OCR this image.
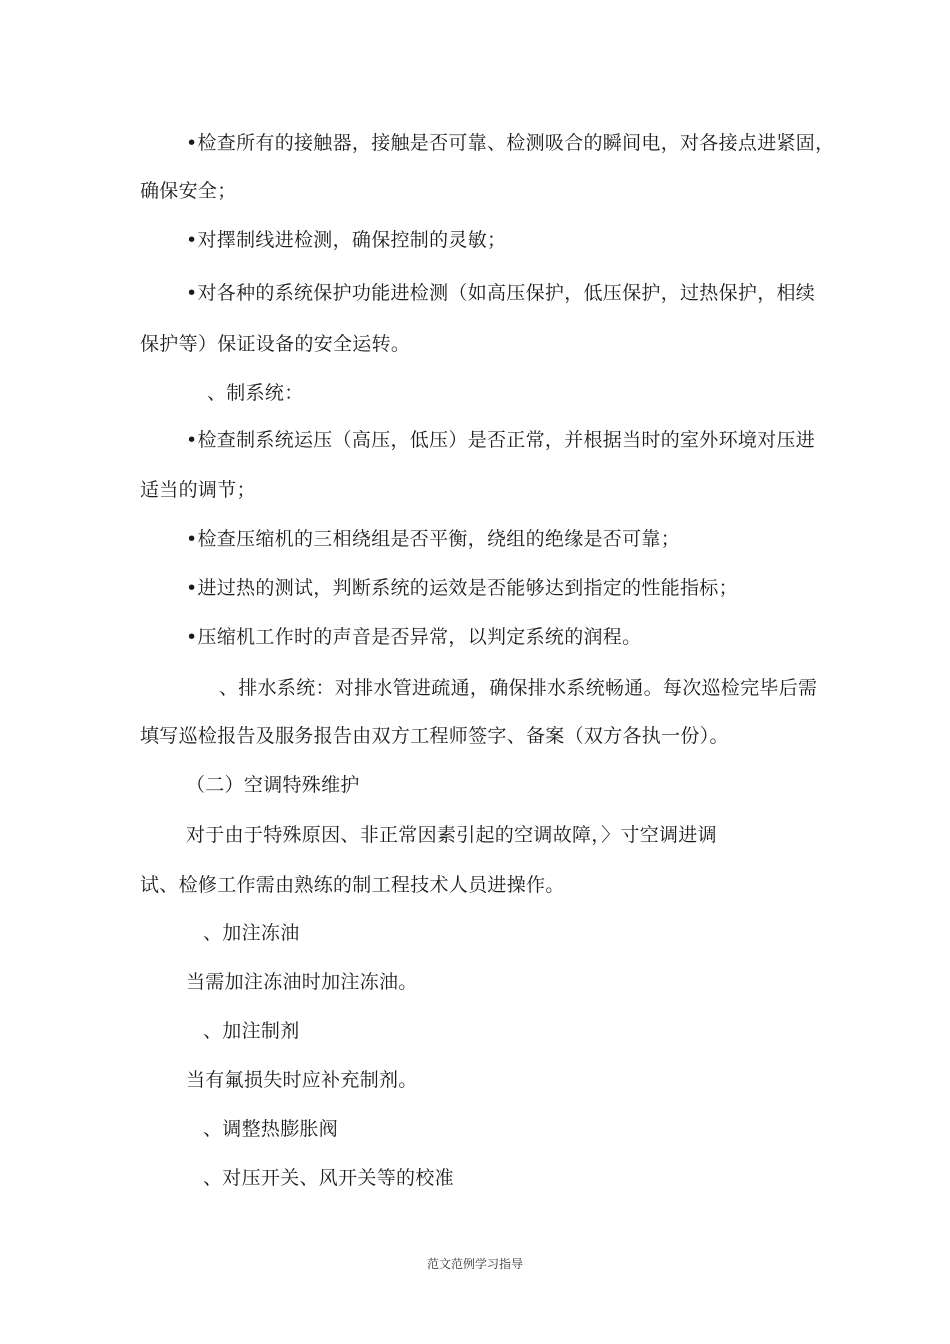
•检查所有的接触器，接触是否可靠、检测吸合的瞬间电，对各接点进紧固，
确保安全；
•对擇制线进检测，确保控制的灵敏；
•对各种的系统保护功能进检测（如高压保护，低压保护，过热保护，相续
保护等）保证设备的安全运转。
、制系统：
•检查制系统运压（高压，低压）是否正常，并根据当时的室外环境对压进
适当的调节；
•检查压缩机的三相绕组是否平衡，绕组的绝缘是否可靠；
•进过热的测试，判断系统的运效是否能够达到指定的性能指标；
•压缩机工作时的声音是否异常，以判定系统的润程。
、排水系统：对排水管进疏通，确保排水系统畅通。每次巡检完毕后需
填写巡检报告及服务报告由双方工程师签字、备案（双方各执一份）。
（二）空调特殊维护
对于由于特殊原因、非正常因素引起的空调故障，〉寸空调进调
试、检修工作需由熟练的制工程技术人员进操作。
、加注冻油
当需加注冻油时加注冻油。
、加注制剂
当有氟损失时应补充制剂。
、调整热膨胀阀
、对压开关、风开关等的校准
范文范例学习指导
